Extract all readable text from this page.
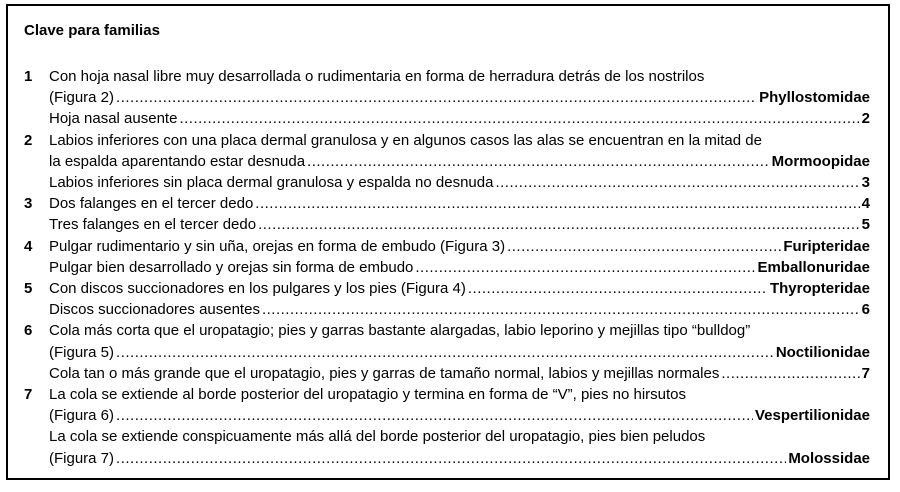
Clave para familias
1	Con hoja nasal libre muy desarrollada o rudimentaria en forma de herradura detrás de los nostrilos
(Figura 2) .....	Phyllostomidae
Hoja nasal ausente .....	2
2	Labios inferiores con una placa dermal granulosa y en algunos casos las alas se encuentran en la mitad de
la espalda aparentando estar desnuda .....	Mormoopidae
Labios inferiores sin placa dermal granulosa y espalda no desnuda .....	3
3	Dos falanges en el tercer dedo .....	4
Tres falanges en el tercer dedo .....	5
4	Pulgar rudimentario y sin uña, orejas en forma de embudo (Figura 3) .....	Furipteridae
Pulgar bien desarrollado y orejas sin forma de embudo .....	Emballonuridae
5	Con discos succionadores en los pulgares y los pies (Figura 4) .....	Thyropteridae
Discos succionadores ausentes .....	6
6	Cola más corta que el uropatagio; pies y garras bastante alargadas, labio leporino y mejillas tipo “bulldog”
(Figura 5) .....	Noctilionidae
Cola tan o más grande que el uropatagio, pies y garras de tamaño normal, labios y mejillas normales .....	7
7	La cola se extiende al borde posterior del uropatagio y termina en forma de “V”, pies no hirsutos
(Figura 6) .....	Vespertilionidae
La cola se extiende conspicuamente más allá del borde posterior del uropatagio, pies bien peludos
(Figura 7) .....	Molossidae
